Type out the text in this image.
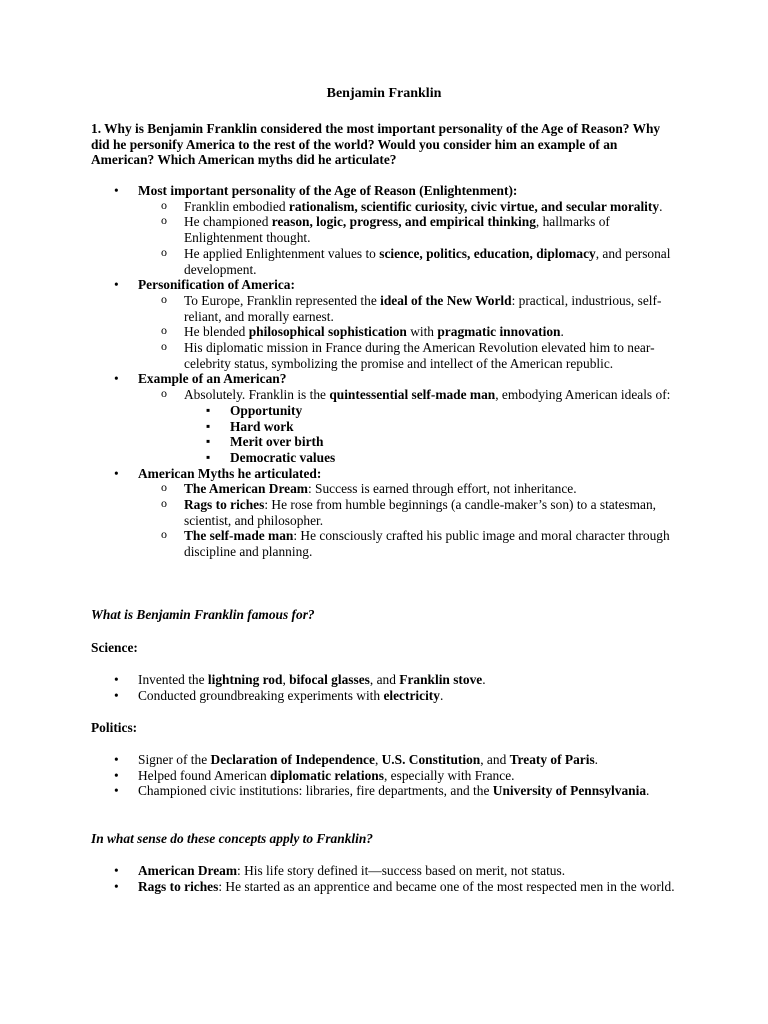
Benjamin Franklin
1. Why is Benjamin Franklin considered the most important personality of the Age of Reason? Why did he personify America to the rest of the world? Would you consider him an example of an American? Which American myths did he articulate?
• Most important personality of the Age of Reason (Enlightenment):
o Franklin embodied rationalism, scientific curiosity, civic virtue, and secular morality.
o He championed reason, logic, progress, and empirical thinking, hallmarks of Enlightenment thought.
o He applied Enlightenment values to science, politics, education, diplomacy, and personal development.
• Personification of America:
o To Europe, Franklin represented the ideal of the New World: practical, industrious, self-reliant, and morally earnest.
o He blended philosophical sophistication with pragmatic innovation.
o His diplomatic mission in France during the American Revolution elevated him to near-celebrity status, symbolizing the promise and intellect of the American republic.
• Example of an American?
o Absolutely. Franklin is the quintessential self-made man, embodying American ideals of:
▪ Opportunity
▪ Hard work
▪ Merit over birth
▪ Democratic values
• American Myths he articulated:
o The American Dream: Success is earned through effort, not inheritance.
o Rags to riches: He rose from humble beginnings (a candle-maker’s son) to a statesman, scientist, and philosopher.
o The self-made man: He consciously crafted his public image and moral character through discipline and planning.
What is Benjamin Franklin famous for?
Science:
• Invented the lightning rod, bifocal glasses, and Franklin stove.
• Conducted groundbreaking experiments with electricity.
Politics:
• Signer of the Declaration of Independence, U.S. Constitution, and Treaty of Paris.
• Helped found American diplomatic relations, especially with France.
• Championed civic institutions: libraries, fire departments, and the University of Pennsylvania.
In what sense do these concepts apply to Franklin?
• American Dream: His life story defined it—success based on merit, not status.
• Rags to riches: He started as an apprentice and became one of the most respected men in the world.
